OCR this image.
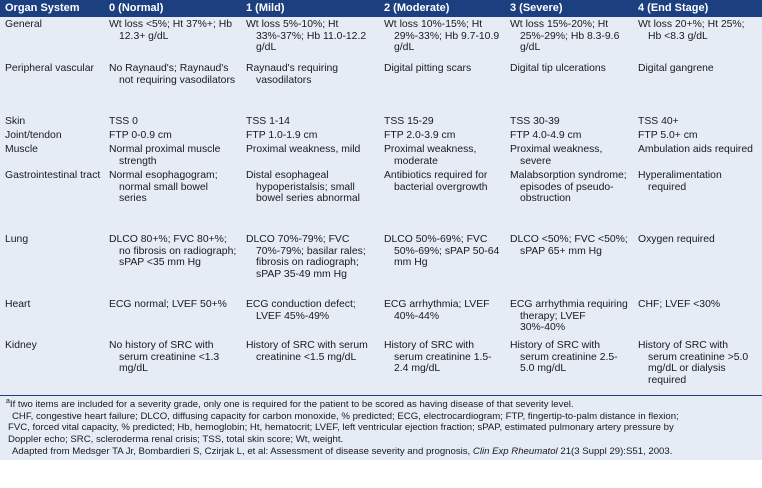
Organ System	0 (Normal)	1 (Mild)	2 (Moderate)	3 (Severe)	4 (End Stage)

General	Wt loss <5%; Ht 37%+; Hb 12.3+ g/dL	Wt loss 5%-10%; Ht 33%-37%; Hb 11.0-12.2 g/dL	Wt loss 10%-15%; Ht 29%-33%; Hb 9.7-10.9 g/dL	Wt loss 15%-20%; Ht 25%-29%; Hb 8.3-9.6 g/dL	Wt loss 20+%; Ht 25%; Hb <8.3 g/dL

Peripheral vascular	No Raynaud's; Raynaud's not requiring vasodilators	Raynaud's requiring vasodilators	Digital pitting scars	Digital tip ulcerations	Digital gangrene

Skin	TSS 0	TSS 1-14	TSS 15-29	TSS 30-39	TSS 40+

Joint/tendon	FTP 0-0.9 cm	FTP 1.0-1.9 cm	FTP 2.0-3.9 cm	FTP 4.0-4.9 cm	FTP 5.0+ cm

Muscle	Normal proximal muscle strength	Proximal weakness, mild	Proximal weakness, moderate	Proximal weakness, severe	Ambulation aids required

Gastrointestinal tract	Normal esophagogram; normal small bowel series	Distal esophageal hypoperistalsis; small bowel series abnormal	Antibiotics required for bacterial overgrowth	Malabsorption syndrome; episodes of pseudo-obstruction	Hyperalimentation required

Lung	DLCO 80+%; FVC 80+%; no fibrosis on radiograph; sPAP <35 mm Hg	DLCO 70%-79%; FVC 70%-79%; basilar rales; fibrosis on radiograph; sPAP 35-49 mm Hg	DLCO 50%-69%; FVC 50%-69%; sPAP 50-64 mm Hg	DLCO <50%; FVC <50%; sPAP 65+ mm Hg	Oxygen required

Heart	ECG normal; LVEF 50+%	ECG conduction defect; LVEF 45%-49%	ECG arrhythmia; LVEF 40%-44%	ECG arrhythmia requiring therapy; LVEF 30%-40%	CHF; LVEF <30%

Kidney	No history of SRC with serum creatinine <1.3 mg/dL	History of SRC with serum creatinine <1.5 mg/dL	History of SRC with serum creatinine 1.5-2.4 mg/dL	History of SRC with serum creatinine 2.5-5.0 mg/dL	History of SRC with serum creatinine >5.0 mg/dL or dialysis required

$^a$If two items are included for a severity grade, only one is required for the patient to be scored as having disease of that severity level.

CHF, congestive heart failure; DLCO, diffusing capacity for carbon monoxide, % predicted; ECG, electrocardiogram; FTP, fingertip-to-palm distance in flexion;

FVC, forced vital capacity, % predicted; Hb, hemoglobin; Ht, hematocrit; LVEF, left ventricular ejection fraction; sPAP, estimated pulmonary artery pressure by

Doppler echo; SRC, scleroderma renal crisis; TSS, total skin score; Wt, weight.

Adapted from Medsger TA Jr, Bombardieri S, Czirjak L, et al: Assessment of disease severity and prognosis, Clin Exp Rheumatol 21(3 Suppl 29):S51, 2003.
